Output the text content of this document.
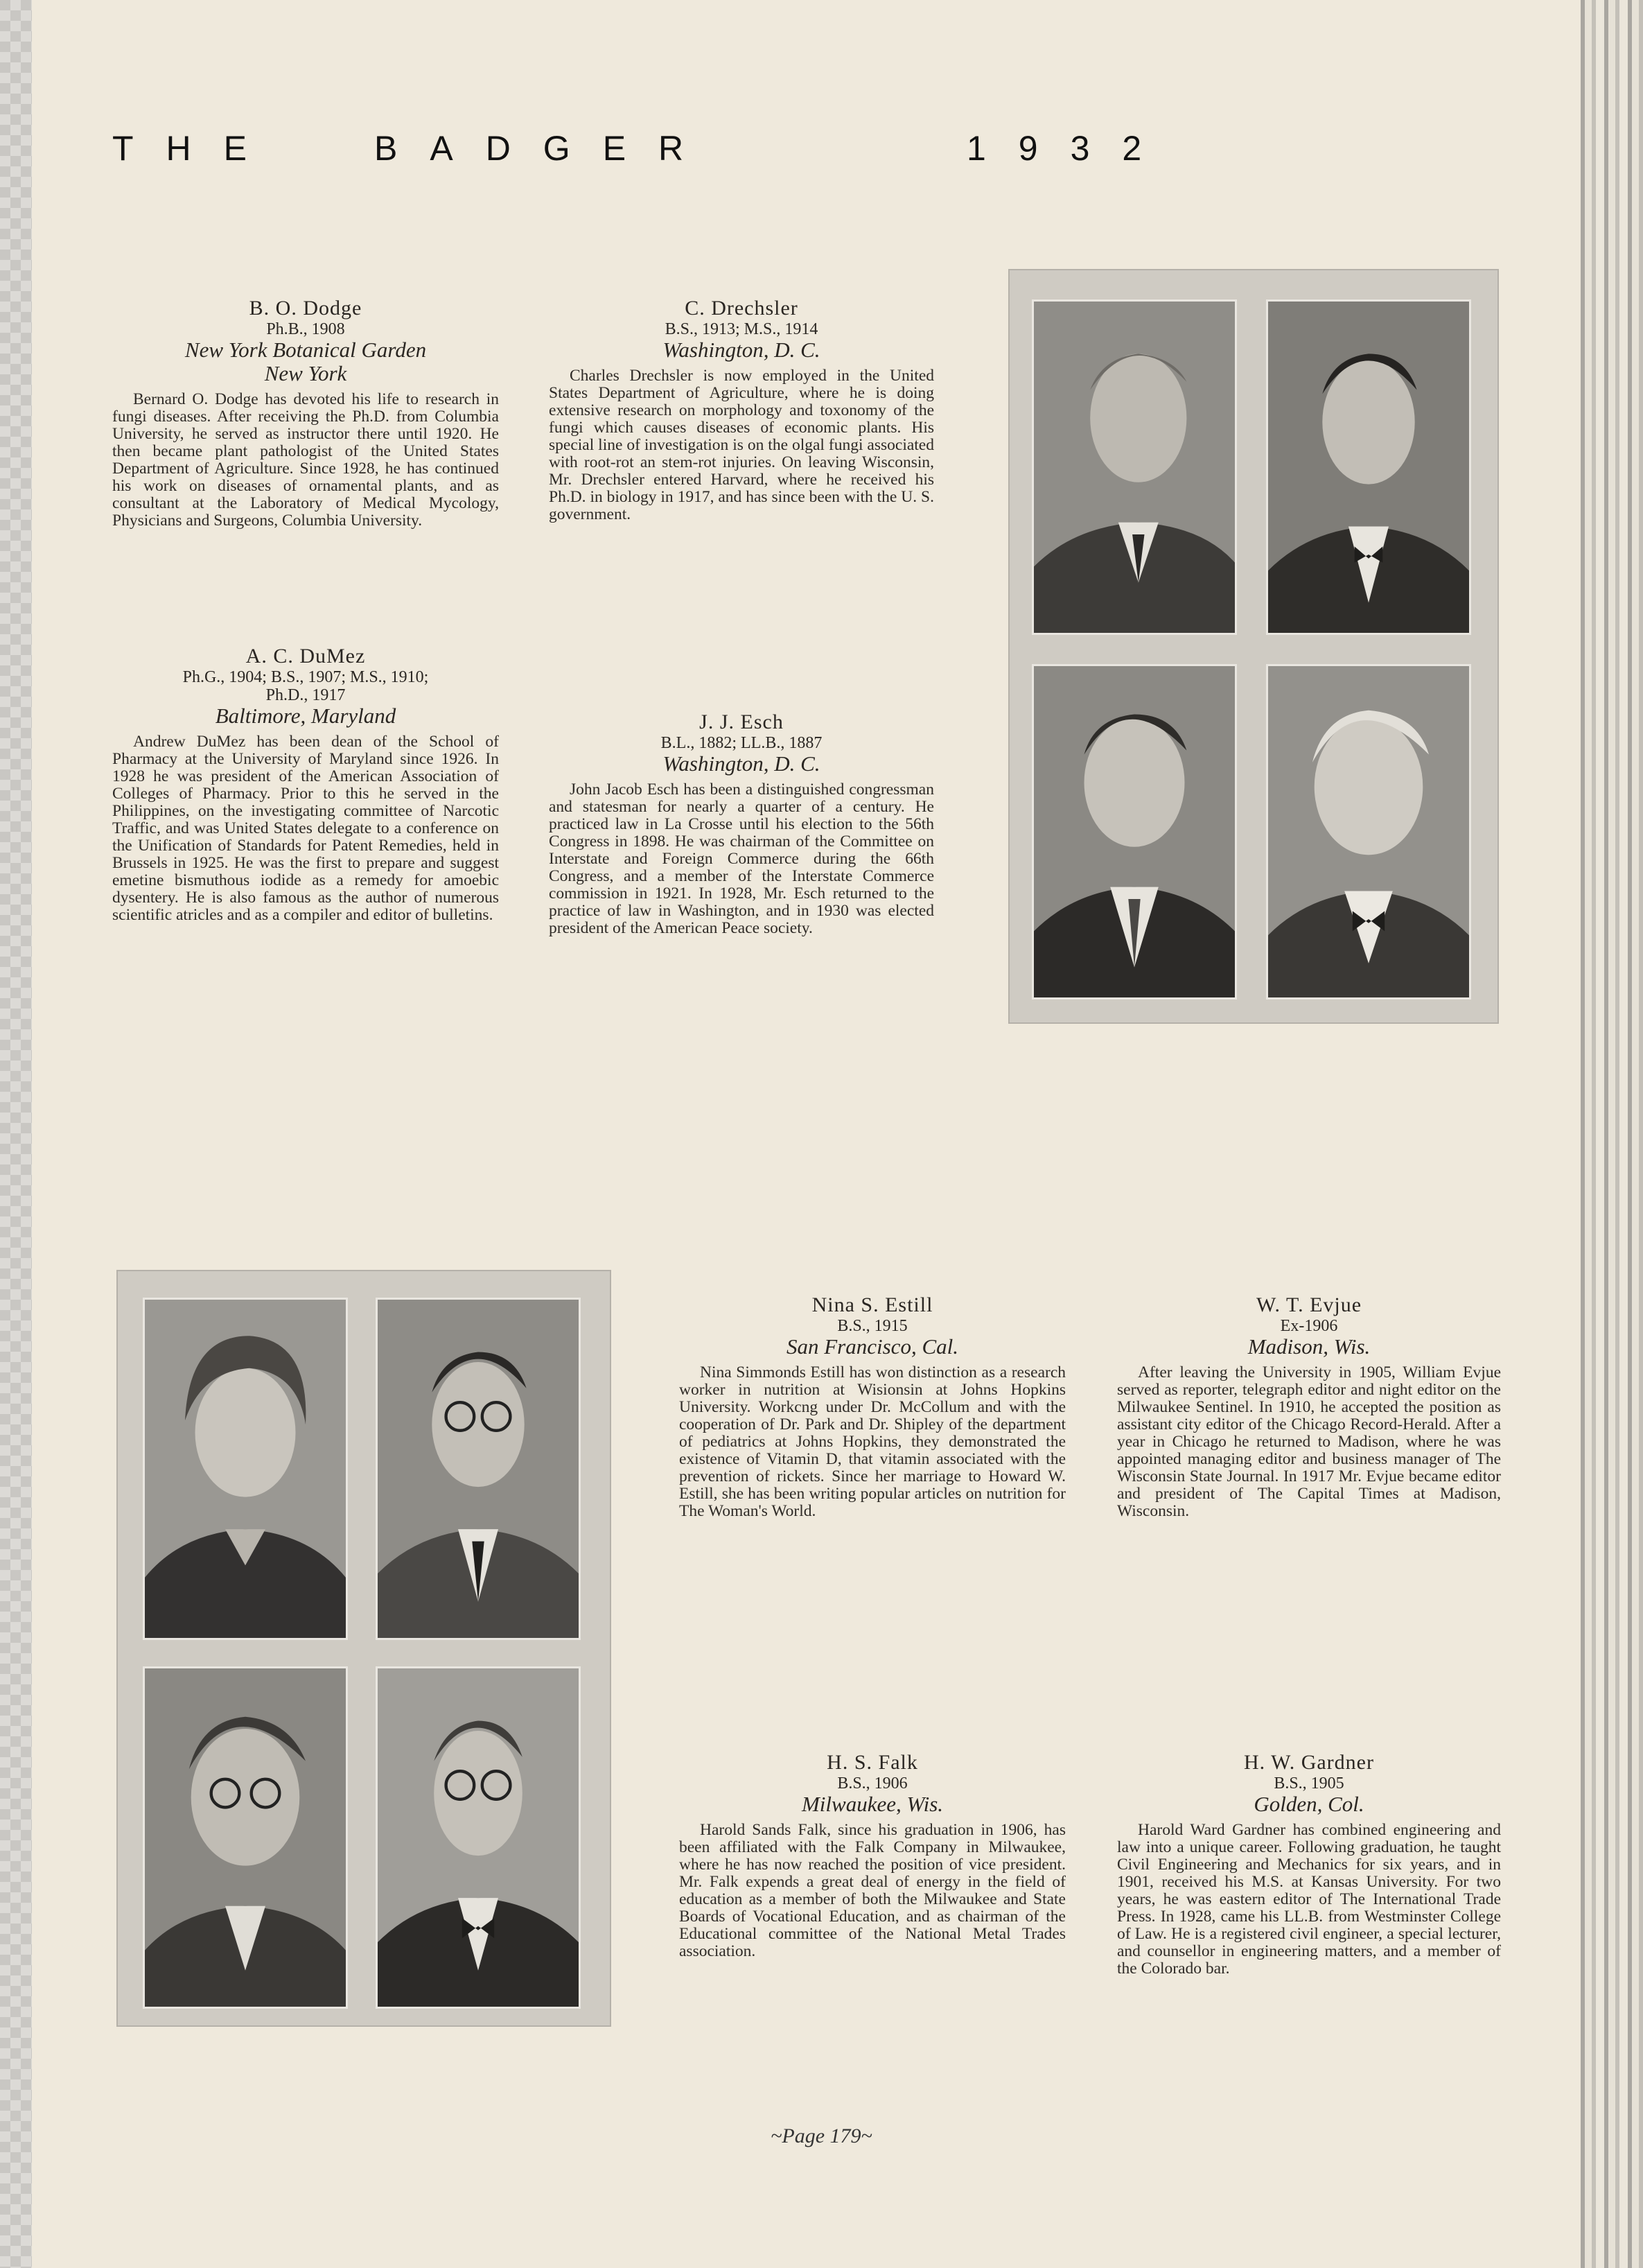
THE	BADGER	1932
B. O. Dodge
Ph.B., 1908
New York Botanical Garden
New York
Bernard O. Dodge has devoted his life to research in fungi diseases. After receiving the Ph.D. from Columbia University, he served as instructor there until 1920. He then became plant pathologist of the United States Department of Agriculture. Since 1928, he has continued his work on diseases of ornamental plants, and as consultant at the Laboratory of Medical Mycology, Physicians and Surgeons, Columbia University.
C. Drechsler
B.S., 1913; M.S., 1914
Washington, D. C.
Charles Drechsler is now employed in the United States Department of Agriculture, where he is doing extensive research on morphology and toxonomy of the fungi which causes diseases of economic plants. His special line of investigation is on the olgal fungi associated with root-rot an stem-rot injuries. On leaving Wisconsin, Mr. Drechsler entered Harvard, where he received his Ph.D. in biology in 1917, and has since been with the U. S. government.
A. C. DuMez
Ph.G., 1904; B.S., 1907; M.S., 1910;
Ph.D., 1917
Baltimore, Maryland
Andrew DuMez has been dean of the School of Pharmacy at the University of Maryland since 1926. In 1928 he was president of the American Association of Colleges of Pharmacy. Prior to this he served in the Philippines, on the investigating committee of Narcotic Traffic, and was United States delegate to a conference on the Unification of Standards for Patent Remedies, held in Brussels in 1925. He was the first to prepare and suggest emetine bismuthous iodide as a remedy for amoebic dysentery. He is also famous as the author of numerous scientific atricles and as a compiler and editor of bulletins.
J. J. Esch
B.L., 1882; LL.B., 1887
Washington, D. C.
John Jacob Esch has been a distinguished congressman and statesman for nearly a quarter of a century. He practiced law in La Crosse until his election to the 56th Congress in 1898. He was chairman of the Committee on Interstate and Foreign Commerce during the 66th Congress, and a member of the Interstate Commerce commission in 1921. In 1928, Mr. Esch returned to the practice of law in Washington, and in 1930 was elected president of the American Peace society.
Nina S. Estill
B.S., 1915
San Francisco, Cal.
Nina Simmonds Estill has won distinction as a research worker in nutrition at Wisionsin at Johns Hopkins University. Workcng under Dr. McCollum and with the cooperation of Dr. Park and Dr. Shipley of the department of pediatrics at Johns Hopkins, they demonstrated the existence of Vitamin D, that vitamin associated with the prevention of rickets. Since her marriage to Howard W. Estill, she has been writing popular articles on nutrition for The Woman's World.
W. T. Evjue
Ex-1906
Madison, Wis.
After leaving the University in 1905, William Evjue served as reporter, telegraph editor and night editor on the Milwaukee Sentinel. In 1910, he accepted the position as assistant city editor of the Chicago Record-Herald. After a year in Chicago he returned to Madison, where he was appointed managing editor and business manager of The Wisconsin State Journal. In 1917 Mr. Evjue became editor and president of The Capital Times at Madison, Wisconsin.
H. S. Falk
B.S., 1906
Milwaukee, Wis.
Harold Sands Falk, since his graduation in 1906, has been affiliated with the Falk Company in Milwaukee, where he has now reached the position of vice president. Mr. Falk expends a great deal of energy in the field of education as a member of both the Milwaukee and State Boards of Vocational Education, and as chairman of the Educational committee of the National Metal Trades association.
H. W. Gardner
B.S., 1905
Golden, Col.
Harold Ward Gardner has combined engineering and law into a unique career. Following graduation, he taught Civil Engineering and Mechanics for six years, and in 1901, received his M.S. at Kansas University. For two years, he was eastern editor of The International Trade Press. In 1928, came his LL.B. from Westminster College of Law. He is a registered civil engineer, a special lecturer, and counsellor in engineering matters, and a member of the Colorado bar.
~Page 179~
